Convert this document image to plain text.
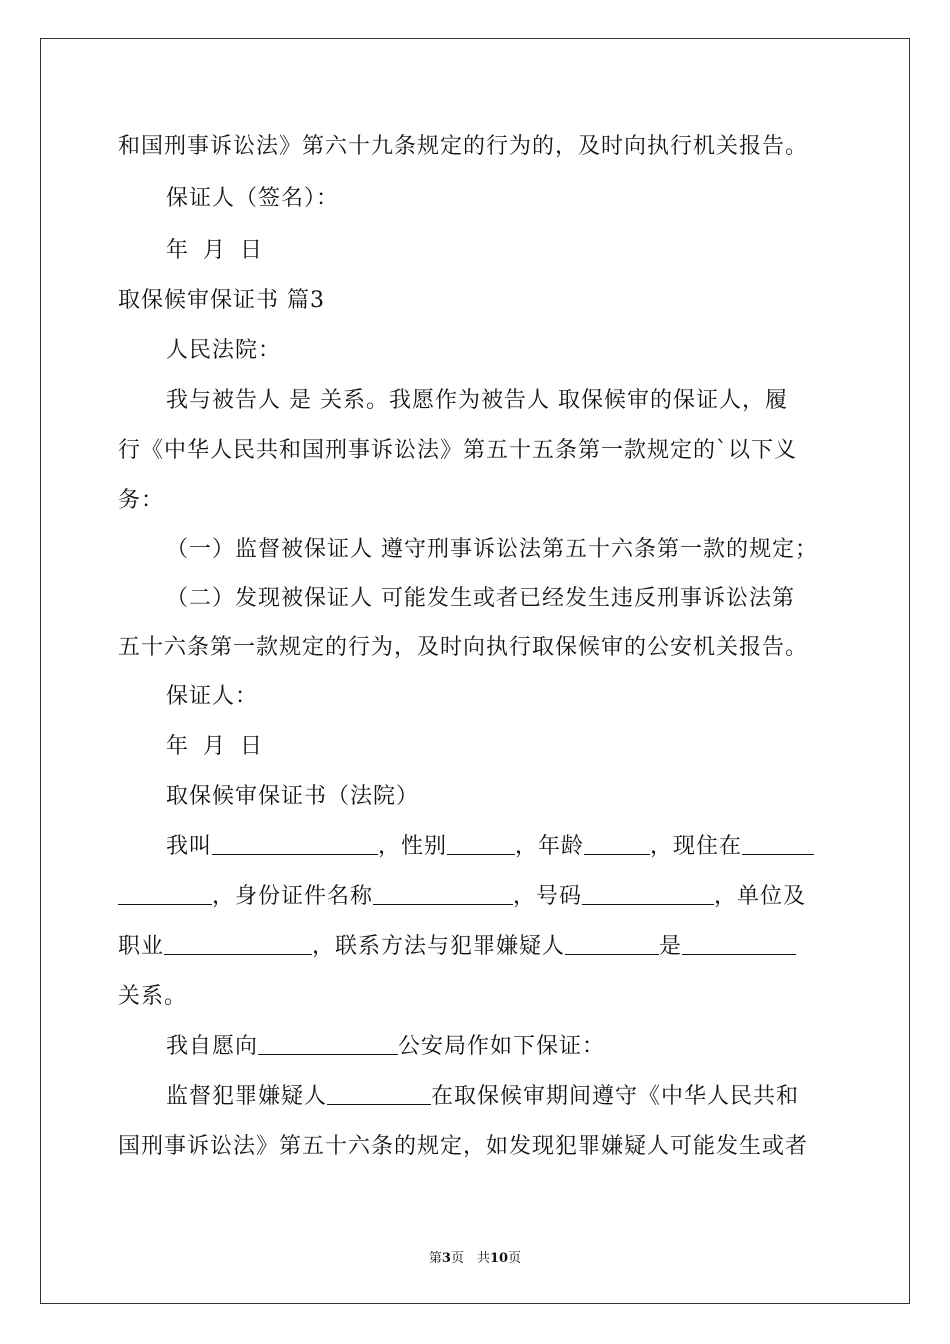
和国刑事诉讼法》第六十九条规定的行为的，及时向执行机关报告。
保证人（签名）：
年 月 日
取保候审保证书 篇3
人民法院：
我与被告人 是 关系。我愿作为被告人 取保候审的保证人，履
行《中华人民共和国刑事诉讼法》第五十五条第一款规定的`以下义
务：
（一）监督被保证人 遵守刑事诉讼法第五十六条第一款的规定；
（二）发现被保证人 可能发生或者已经发生违反刑事诉讼法第
五十六条第一款规定的行为，及时向执行取保候审的公安机关报告。
保证人：
年 月 日
取保候审保证书（法院）
我叫	，性别	，年龄	，现住在
，身份证件名称	，号码	，单位及
职业	，联系方法与犯罪嫌疑人	是
关系。
我自愿向	公安局作如下保证：
监督犯罪嫌疑人	在取保候审期间遵守《中华人民共和
国刑事诉讼法》第五十六条的规定，如发现犯罪嫌疑人可能发生或者
第3页　共10页
